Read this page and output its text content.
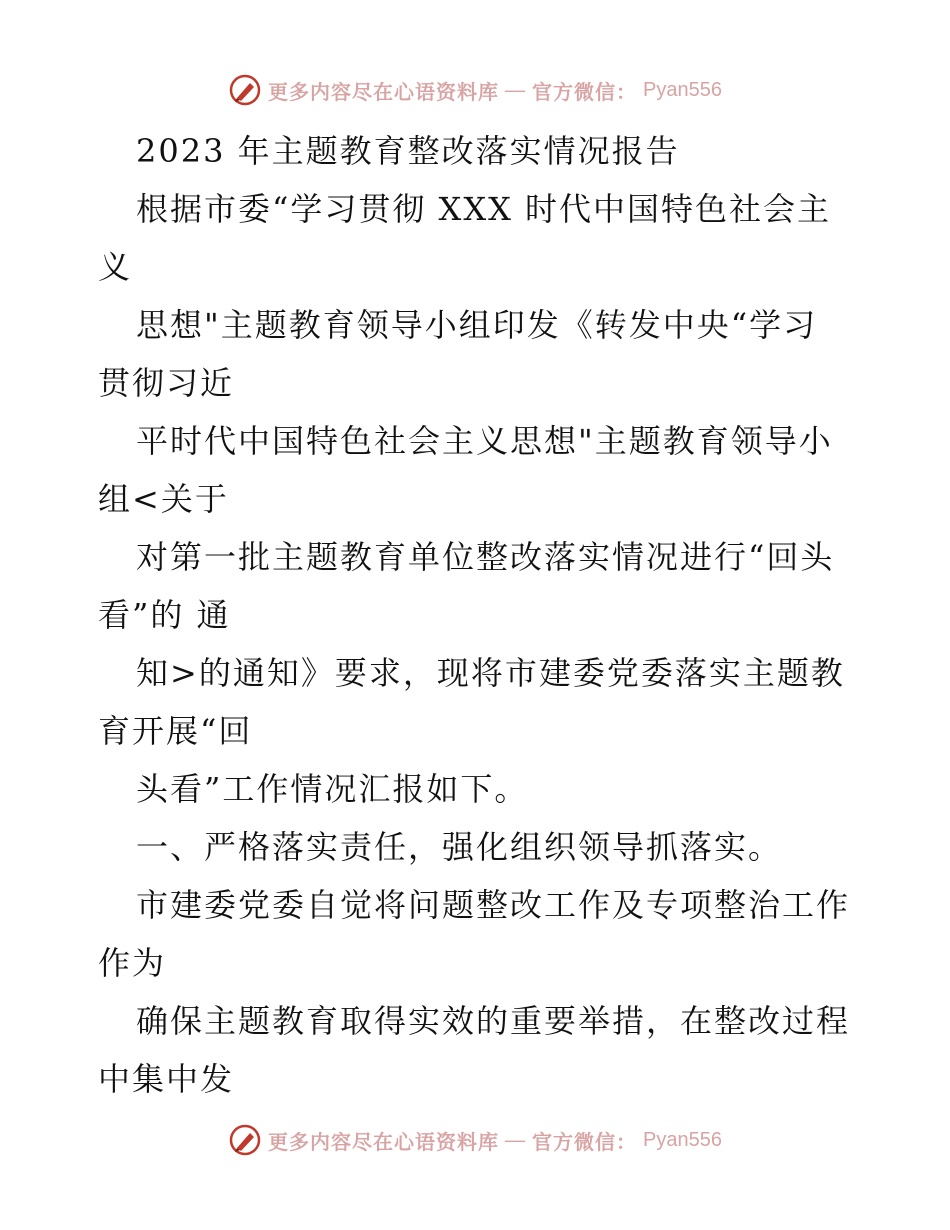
更多内容尽在心语资料库 — 官方微信： Pyan556
2023 年主题教育整改落实情况报告
根据市委“学习贯彻 XXX 时代中国特色社会主
义
思想"主题教育领导小组印发《转发中央“学习
贯彻习近
平时代中国特色社会主义思想"主题教育领导小
组<关于
对第一批主题教育单位整改落实情况进行“回头
看”的 通
知>的通知》要求，现将市建委党委落实主题教
育开展“回
头看”工作情况汇报如下。
一、严格落实责任，强化组织领导抓落实。
市建委党委自觉将问题整改工作及专项整治工作
作为
确保主题教育取得实效的重要举措，在整改过程
中集中发
更多内容尽在心语资料库 — 官方微信： Pyan556
